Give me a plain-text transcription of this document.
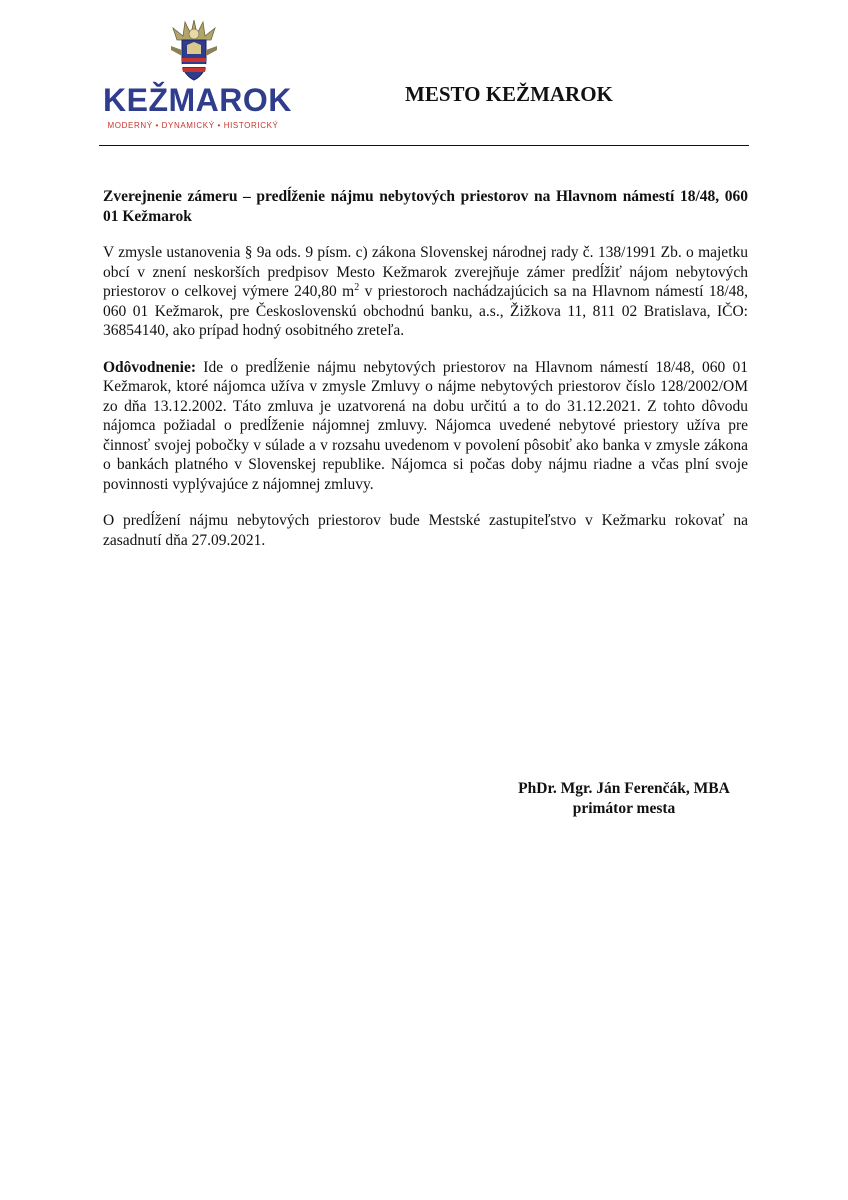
KEŽMAROK
MODERNÝ • DYNAMICKÝ • HISTORICKÝ
MESTO KEŽMAROK

Zverejnenie zámeru – predĺženie nájmu nebytových priestorov na Hlavnom námestí 18/48, 060 01 Kežmarok

V zmysle ustanovenia § 9a ods. 9 písm. c) zákona Slovenskej národnej rady č. 138/1991 Zb. o majetku obcí v znení neskorších predpisov Mesto Kežmarok zverejňuje zámer predĺžiť nájom nebytových priestorov o celkovej výmere 240,80 $m^2$ v priestoroch nachádzajúcich sa na Hlavnom námestí 18/48, 060 01 Kežmarok, pre Československú obchodnú banku, a.s., Žižkova 11, 811 02 Bratislava, IČO: 36854140, ako prípad hodný osobitného zreteľa.

Odôvodnenie: Ide o predĺženie nájmu nebytových priestorov na Hlavnom námestí 18/48, 060 01 Kežmarok, ktoré nájomca užíva v zmysle Zmluvy o nájme nebytových priestorov číslo 128/2002/OM zo dňa 13.12.2002. Táto zmluva je uzatvorená na dobu určitú a to do 31.12.2021. Z tohto dôvodu nájomca požiadal o predĺženie nájomnej zmluvy. Nájomca uvedené nebytové priestory užíva pre činnosť svojej pobočky v súlade a v rozsahu uvedenom v povolení pôsobiť ako banka v zmysle zákona o bankách platného v Slovenskej republike. Nájomca si počas doby nájmu riadne a včas plní svoje povinnosti vyplývajúce z nájomnej zmluvy.

O predĺžení nájmu nebytových priestorov bude Mestské zastupiteľstvo v Kežmarku rokovať na zasadnutí dňa 27.09.2021.

PhDr. Mgr. Ján Ferenčák, MBA
primátor mesta
